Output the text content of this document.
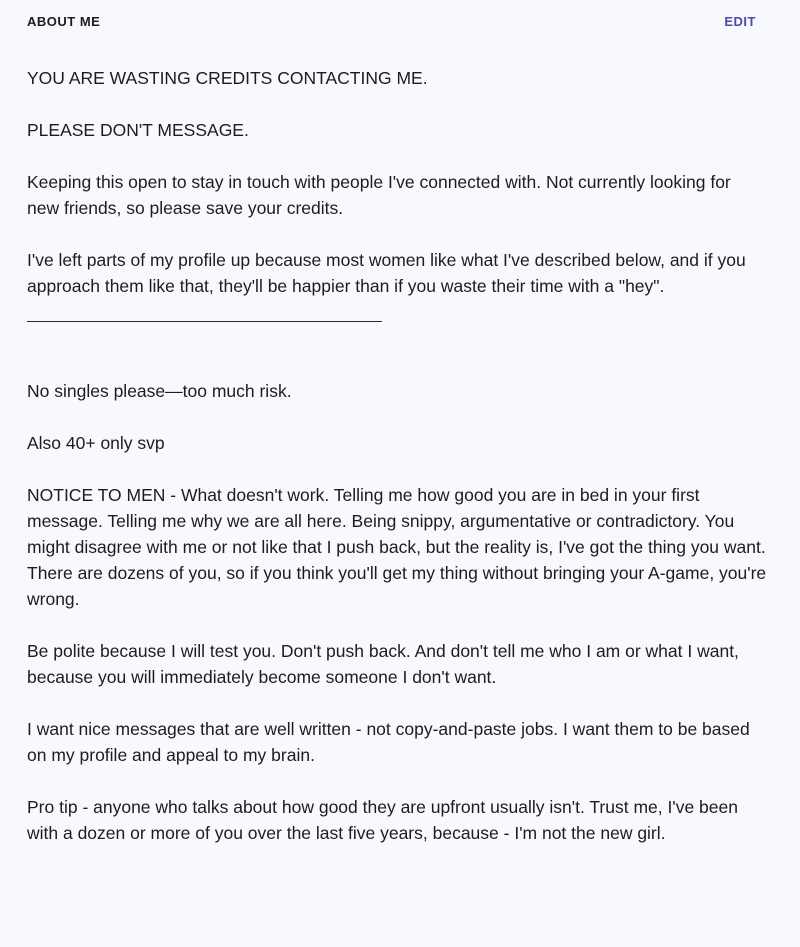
ABOUT ME	EDIT

YOU ARE WASTING CREDITS CONTACTING ME.

PLEASE DON'T MESSAGE.

Keeping this open to stay in touch with people I've connected with. Not currently looking for new friends, so please save your credits.

I've left parts of my profile up because most women like what I've described below, and if you approach them like that, they'll be happier than if you waste their time with a "hey".

No singles please—too much risk.

Also 40+ only svp

NOTICE TO MEN - What doesn't work. Telling me how good you are in bed in your first message. Telling me why we are all here. Being snippy, argumentative or contradictory. You might disagree with me or not like that I push back, but the reality is, I've got the thing you want. There are dozens of you, so if you think you'll get my thing without bringing your A-game, you're wrong.

Be polite because I will test you. Don't push back. And don't tell me who I am or what I want, because you will immediately become someone I don't want.

I want nice messages that are well written - not copy-and-paste jobs. I want them to be based on my profile and appeal to my brain.

Pro tip - anyone who talks about how good they are upfront usually isn't. Trust me, I've been with a dozen or more of you over the last five years, because - I'm not the new girl.
